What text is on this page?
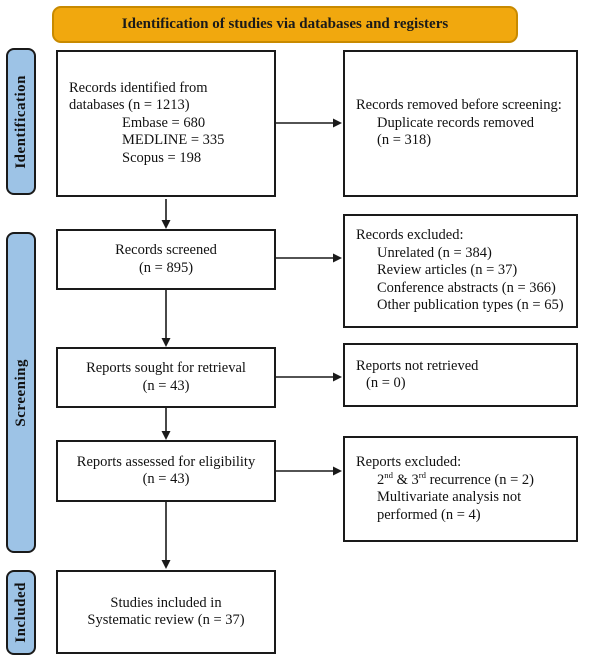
Identification of studies via databases and registers
Identification
Screening
Included
Records identified from
databases (n = 1213)
Embase = 680
MEDLINE = 335
Scopus = 198
Records removed before screening:
Duplicate records removed
(n = 318)
Records screened
(n = 895)
Records excluded:
Unrelated (n = 384)
Review articles (n = 37)
Conference abstracts (n = 366)
Other publication types (n = 65)
Reports sought for retrieval
(n = 43)
Reports not retrieved
(n = 0)
Reports assessed for eligibility
(n = 43)
Reports excluded:
2nd & 3rd recurrence (n = 2)
Multivariate analysis not
performed (n = 4)
Studies included in
Systematic review (n = 37)
